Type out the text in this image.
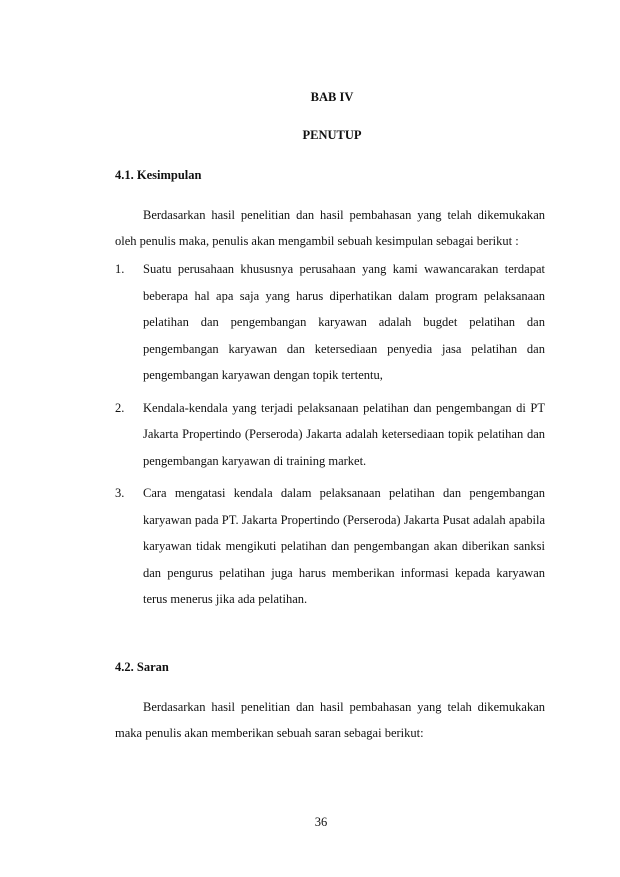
BAB IV
PENUTUP
4.1. Kesimpulan

Berdasarkan hasil penelitian dan hasil pembahasan yang telah dikemukakan oleh penulis maka, penulis akan mengambil sebuah kesimpulan sebagai berikut :

1. Suatu perusahaan khususnya perusahaan yang kami wawancarakan terdapat beberapa hal apa saja yang harus diperhatikan dalam program pelaksanaan pelatihan dan pengembangan karyawan adalah bugdet pelatihan dan pengembangan karyawan dan ketersediaan penyedia jasa pelatihan dan pengembangan karyawan dengan topik tertentu,
2. Kendala-kendala yang terjadi pelaksanaan pelatihan dan pengembangan di PT Jakarta Propertindo (Perseroda) Jakarta adalah ketersediaan topik pelatihan dan pengembangan karyawan di training market.
3. Cara mengatasi kendala dalam pelaksanaan pelatihan dan pengembangan karyawan pada PT. Jakarta Propertindo (Perseroda) Jakarta Pusat adalah apabila karyawan tidak mengikuti pelatihan dan pengembangan akan diberikan sanksi dan pengurus pelatihan juga harus memberikan informasi kepada karyawan terus menerus jika ada pelatihan.
4.2. Saran

Berdasarkan hasil penelitian dan hasil pembahasan yang telah dikemukakan maka penulis akan memberikan sebuah saran sebagai berikut:

36
